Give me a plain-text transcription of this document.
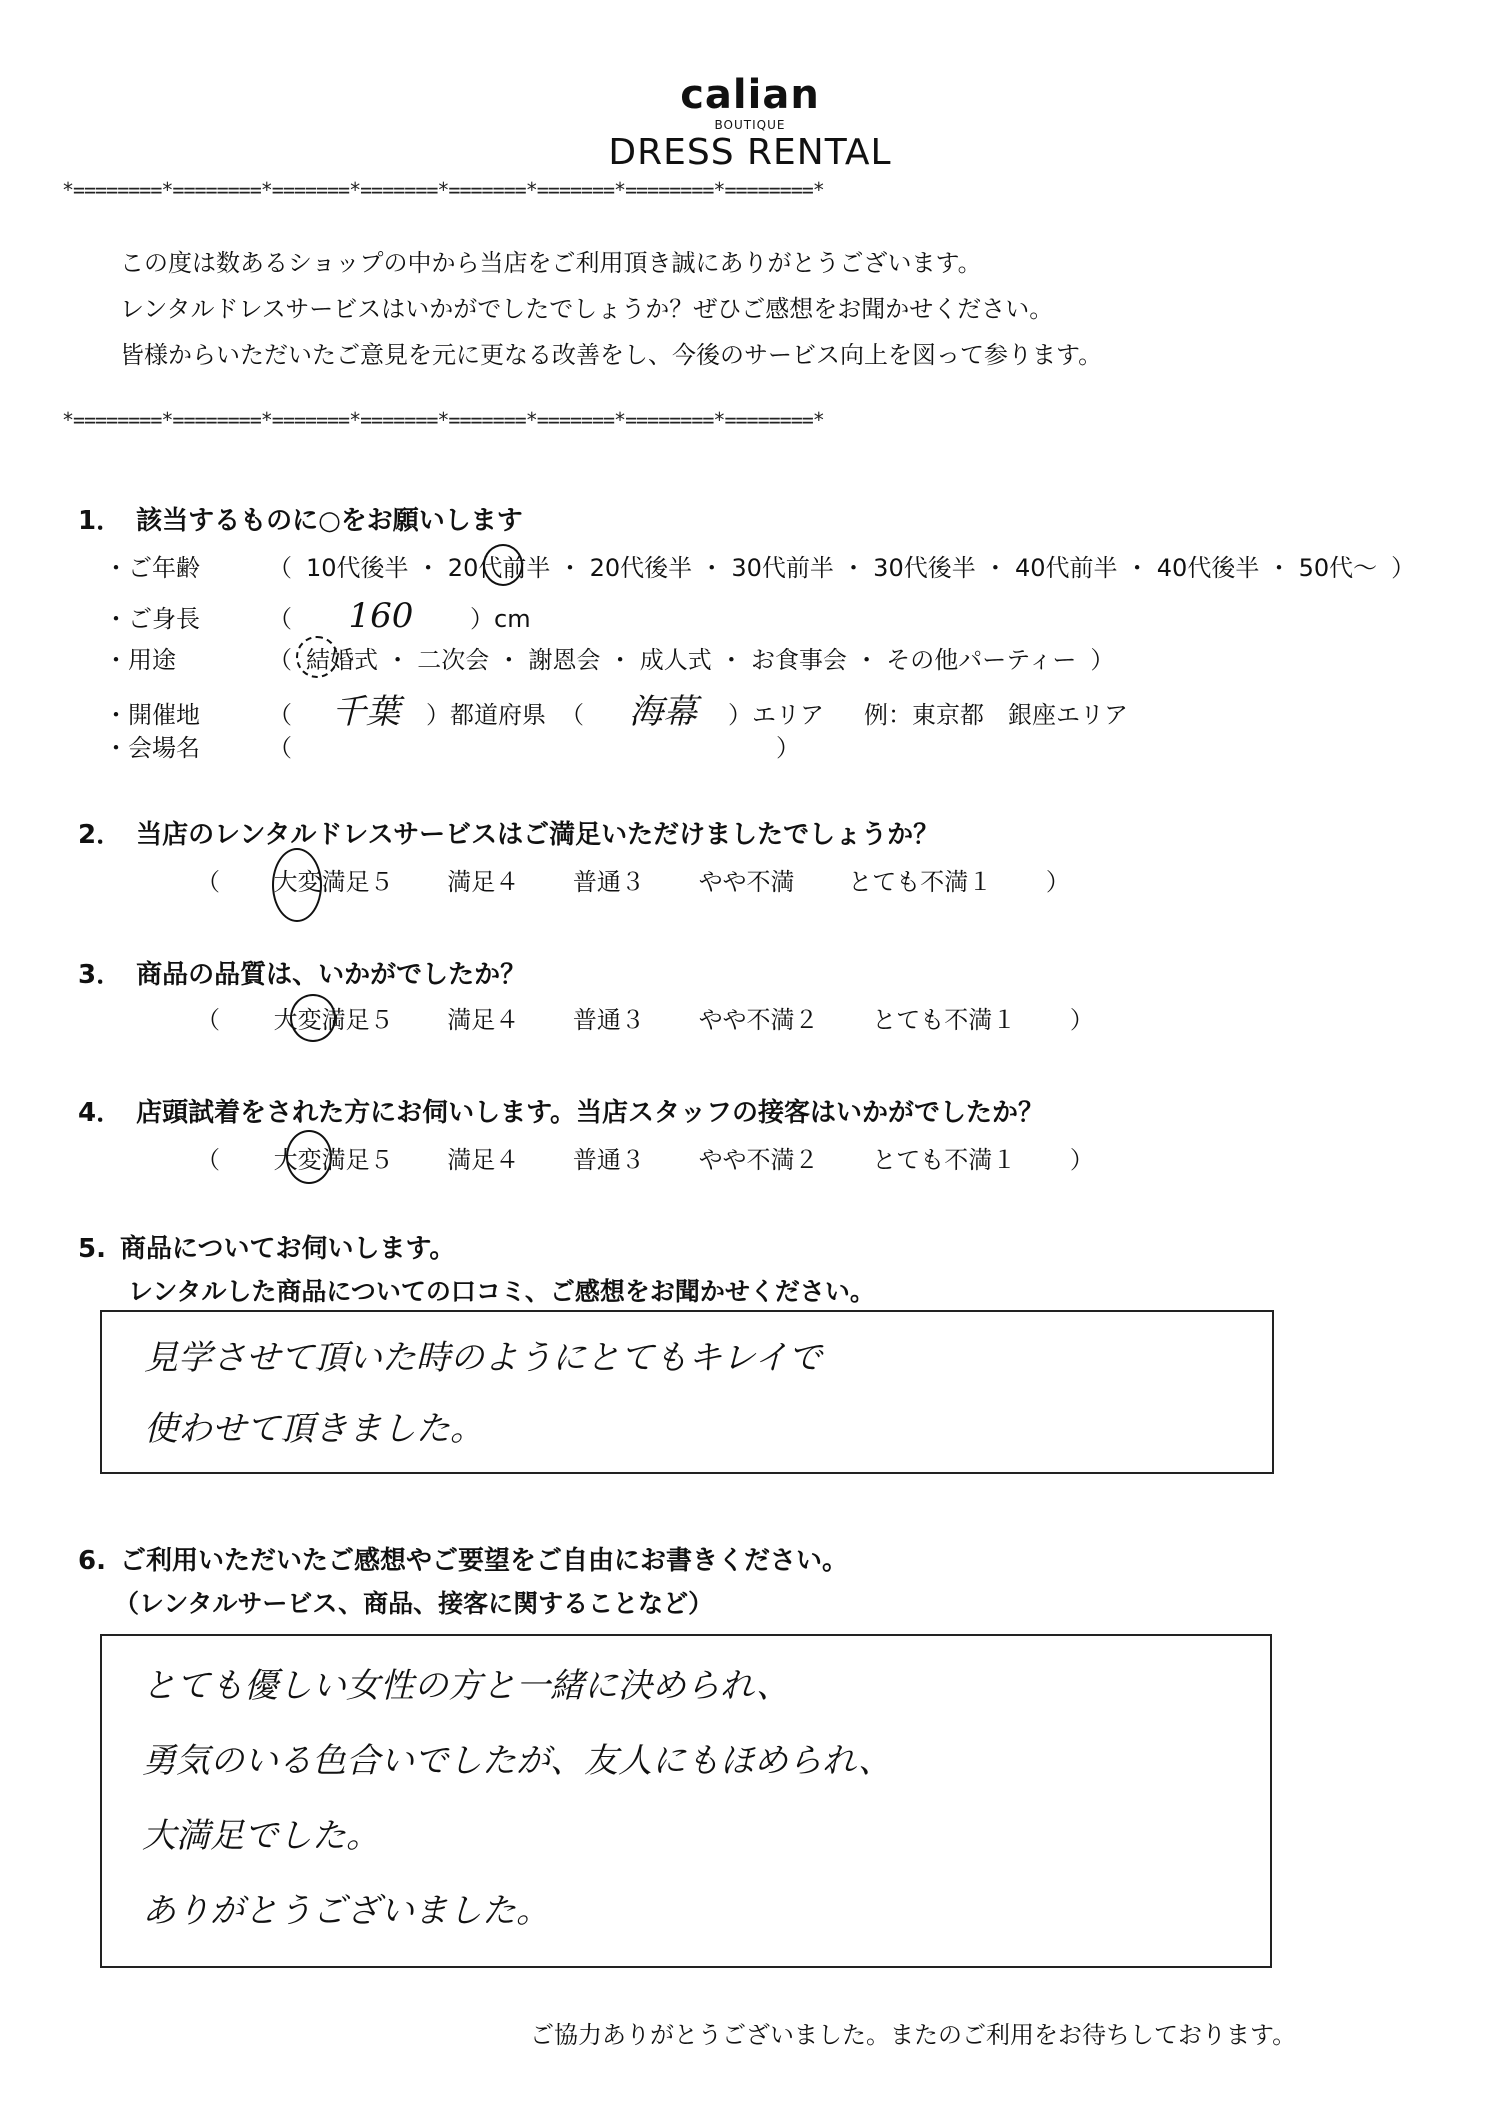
calian
BOUTIQUE
DRESS RENTAL
*========*========*=======*=======*=======*=======*========*========*
この度は数あるショップの中から当店をご利用頂き誠にありがとうございます。
レンタルドレスサービスはいかがでしたでしょうか？ぜひご感想をお聞かせください。
皆様からいただいたご意見を元に更なる改善をし、今後のサービス向上を図って参ります。
*========*========*=======*=======*=======*=======*========*========*
1． 該当するものに○をお願いします
・ご年齢	（ 10代後半 ・ 20代前半 ・ 20代後半 ・ 30代前半 ・ 30代後半 ・ 40代前半 ・ 40代後半 ・ 50代〜 ）
・ご身長	（ 160 ）cm
・用途	（ 結婚式 ・ 二次会 ・ 謝恩会 ・ 成人式 ・ お食事会 ・ その他パーティー ）
・開催地	（ 千葉 ）都道府県 （ 海幕 ）エリア 例：東京都　銀座エリア
・会場名	（	）
2． 当店のレンタルドレスサービスはご満足いただけましたでしょうか？
（ 大変満足５ 満足４ 普通３ やや不満 とても不満１ ）
3． 商品の品質は、いかがでしたか？
（ 大変満足５ 満足４ 普通３ やや不満２ とても不満１ ）
4． 店頭試着をされた方にお伺いします。当店スタッフの接客はいかがでしたか？
（ 大変満足５ 満足４ 普通３ やや不満２ とても不満１ ）
5. 商品についてお伺いします。
レンタルした商品についての口コミ、ご感想をお聞かせください。
見学させて頂いた時のようにとてもキレイで
使わせて頂きました。
6. ご利用いただいたご感想やご要望をご自由にお書きください。
（レンタルサービス、商品、接客に関することなど）
とても優しい女性の方と一緒に決められ、
勇気のいる色合いでしたが、友人にもほめられ、
大満足でした。
ありがとうございました。
ご協力ありがとうございました。またのご利用をお待ちしております。
